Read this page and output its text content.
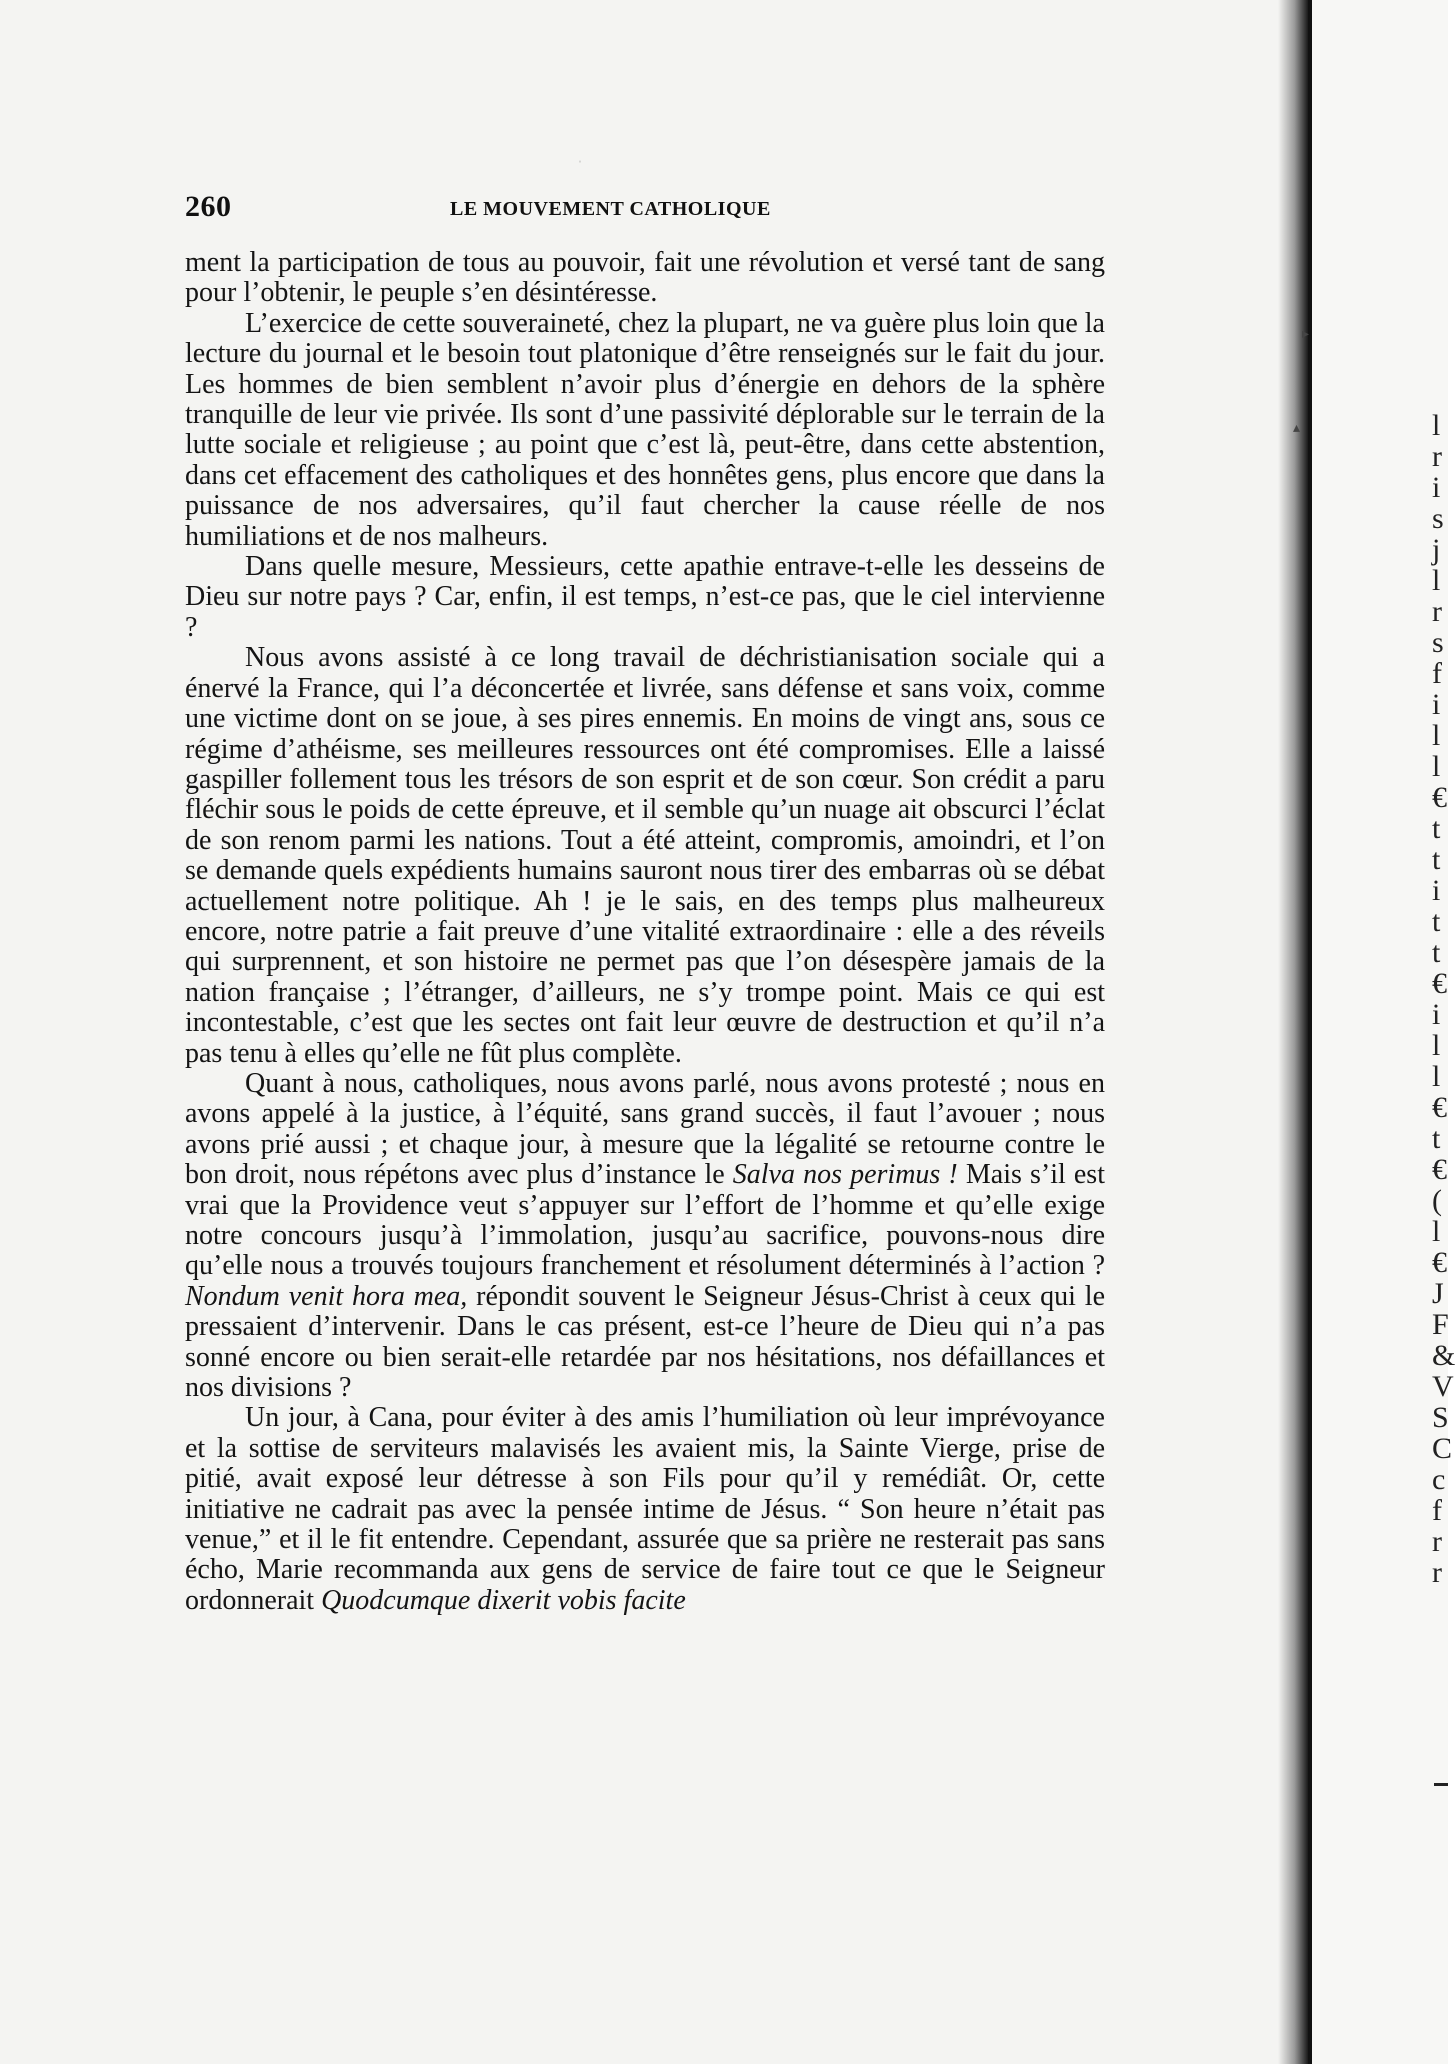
l
r
i
s
j
l
r
s
f
i
l
l
€
t
t
i
t
t
€
i
l
l
€
t
€
(
l
€
J
F
&
V
S
C
c
f
r
r
▸
▴
ˈ
260	LE MOUVEMENT CATHOLIQUE

ment la participation de tous au pouvoir, fait une révolution et versé tant de sang pour l’obtenir, le peuple s’en désintéresse.

L’exercice de cette souveraineté, chez la plupart, ne va guère plus loin que la lecture du journal et le besoin tout platonique d’être renseignés sur le fait du jour. Les hommes de bien semblent n’avoir plus d’énergie en dehors de la sphère tranquille de leur vie privée. Ils sont d’une passivité déplorable sur le terrain de la lutte sociale et religieuse ; au point que c’est là, peut-être, dans cette abstention, dans cet effacement des catholiques et des honnêtes gens, plus encore que dans la puissance de nos adversaires, qu’il faut chercher la cause réelle de nos humiliations et de nos malheurs.

Dans quelle mesure, Messieurs, cette apathie entrave-t-elle les desseins de Dieu sur notre pays ? Car, enfin, il est temps, n’est-ce pas, que le ciel intervienne ?

Nous avons assisté à ce long travail de déchristianisation sociale qui a énervé la France, qui l’a déconcertée et livrée, sans défense et sans voix, comme une victime dont on se joue, à ses pires ennemis. En moins de vingt ans, sous ce régime d’athéisme, ses meilleures ressources ont été compromises. Elle a laissé gaspiller follement tous les trésors de son esprit et de son cœur. Son crédit a paru fléchir sous le poids de cette épreuve, et il semble qu’un nuage ait obscurci l’éclat de son renom parmi les nations. Tout a été atteint, compromis, amoindri, et l’on se demande quels expédients humains sauront nous tirer des embarras où se débat actuellement notre politique. Ah ! je le sais, en des temps plus malheureux encore, notre patrie a fait preuve d’une vitalité extraordinaire : elle a des réveils qui surprennent, et son histoire ne permet pas que l’on désespère jamais de la nation française ; l’étranger, d’ailleurs, ne s’y trompe point. Mais ce qui est incontestable, c’est que les sectes ont fait leur œuvre de destruction et qu’il n’a pas tenu à elles qu’elle ne fût plus complète.

Quant à nous, catholiques, nous avons parlé, nous avons protesté ; nous en avons appelé à la justice, à l’équité, sans grand succès, il faut l’avouer ; nous avons prié aussi ; et chaque jour, à mesure que la légalité se retourne contre le bon droit, nous répétons avec plus d’instance le Salva nos perimus ! Mais s’il est vrai que la Providence veut s’appuyer sur l’effort de l’homme et qu’elle exige notre concours jusqu’à l’immolation, jusqu’au sacrifice, pouvons-nous dire qu’elle nous a trouvés toujours franchement et résolument déterminés à l’action ? Nondum venit hora mea, répondit souvent le Seigneur Jésus-Christ à ceux qui le pressaient d’intervenir. Dans le cas présent, est-ce l’heure de Dieu qui n’a pas sonné encore ou bien serait-elle retardée par nos hésitations, nos défaillances et nos divisions ?

Un jour, à Cana, pour éviter à des amis l’humiliation où leur imprévoyance et la sottise de serviteurs malavisés les avaient mis, la Sainte Vierge, prise de pitié, avait exposé leur détresse à son Fils pour qu’il y remédiât. Or, cette initiative ne cadrait pas avec la pensée intime de Jésus. “ Son heure n’était pas venue,” et il le fit entendre. Cependant, assurée que sa prière ne resterait pas sans écho, Marie recommanda aux gens de service de faire tout ce que le Seigneur ordonnerait Quodcumque dixerit vobis facite
